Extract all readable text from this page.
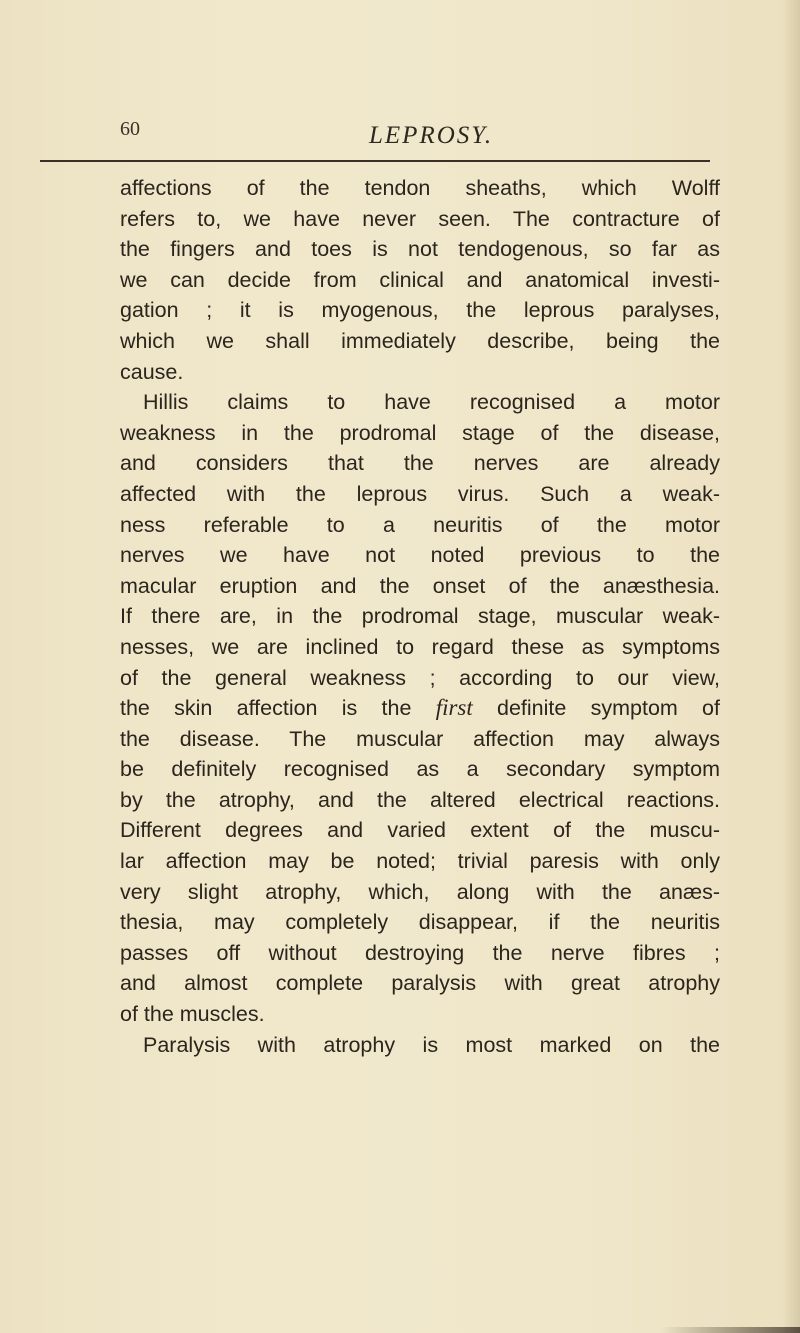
60	LEPROSY.
affections of the tendon sheaths, which Wolff
refers to, we have never seen. The contracture of
the fingers and toes is not tendogenous, so far as
we can decide from clinical and anatomical investi-
gation ; it is myogenous, the leprous paralyses,
which we shall immediately describe, being the
cause.
Hillis claims to have recognised a motor
weakness in the prodromal stage of the disease,
and considers that the nerves are already
affected with the leprous virus. Such a weak-
ness referable to a neuritis of the motor
nerves we have not noted previous to the
macular eruption and the onset of the anæsthesia.
If there are, in the prodromal stage, muscular weak-
nesses, we are inclined to regard these as symptoms
of the general weakness ; according to our view,
the skin affection is the first definite symptom of
the disease. The muscular affection may always
be definitely recognised as a secondary symptom
by the atrophy, and the altered electrical reactions.
Different degrees and varied extent of the muscu-
lar affection may be noted; trivial paresis with only
very slight atrophy, which, along with the anæs-
thesia, may completely disappear, if the neuritis
passes off without destroying the nerve fibres ;
and almost complete paralysis with great atrophy
of the muscles.
Paralysis with atrophy is most marked on the
